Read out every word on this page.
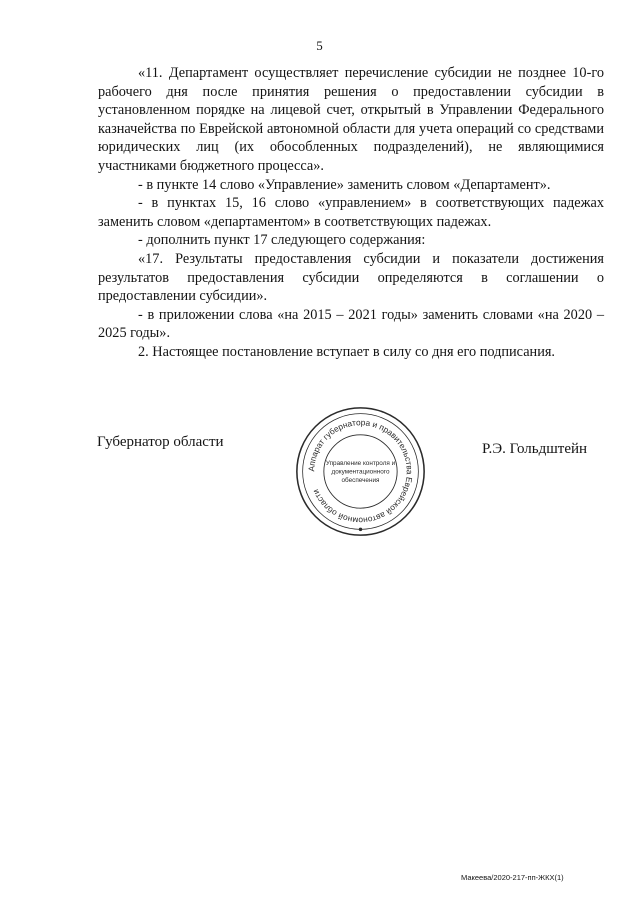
5

«11. Департамент осуществляет перечисление субсидии не позднее 10-го рабочего дня после принятия решения о предоставлении субсидии в установленном порядке на лицевой счет, открытый в Управлении Федерального казначейства по Еврейской автономной области для учета операций со средствами юридических лиц (их обособленных подразделений), не являющимися участниками бюджетного процесса».

- в пункте 14 слово «Управление» заменить словом «Департамент».

- в пунктах 15, 16 слово «управлением» в соответствующих падежах заменить словом «департаментом» в соответствующих падежах.

- дополнить пункт 17 следующего содержания:

«17. Результаты предоставления субсидии и показатели достижения результатов предоставления субсидии определяются в соглашении о предоставлении субсидии».

- в приложении слова «на 2015 – 2021 годы» заменить словами «на 2020 – 2025 годы».

2. Настоящее постановление вступает в силу со дня его подписания.

Губернатор области
Аппарат губернатора и правительства Еврейской автономной области
Управление контроля и
документационного
обеспечения
Р.Э. Гольдштейн
Макеева/2020-217-пп-ЖКХ(1)
